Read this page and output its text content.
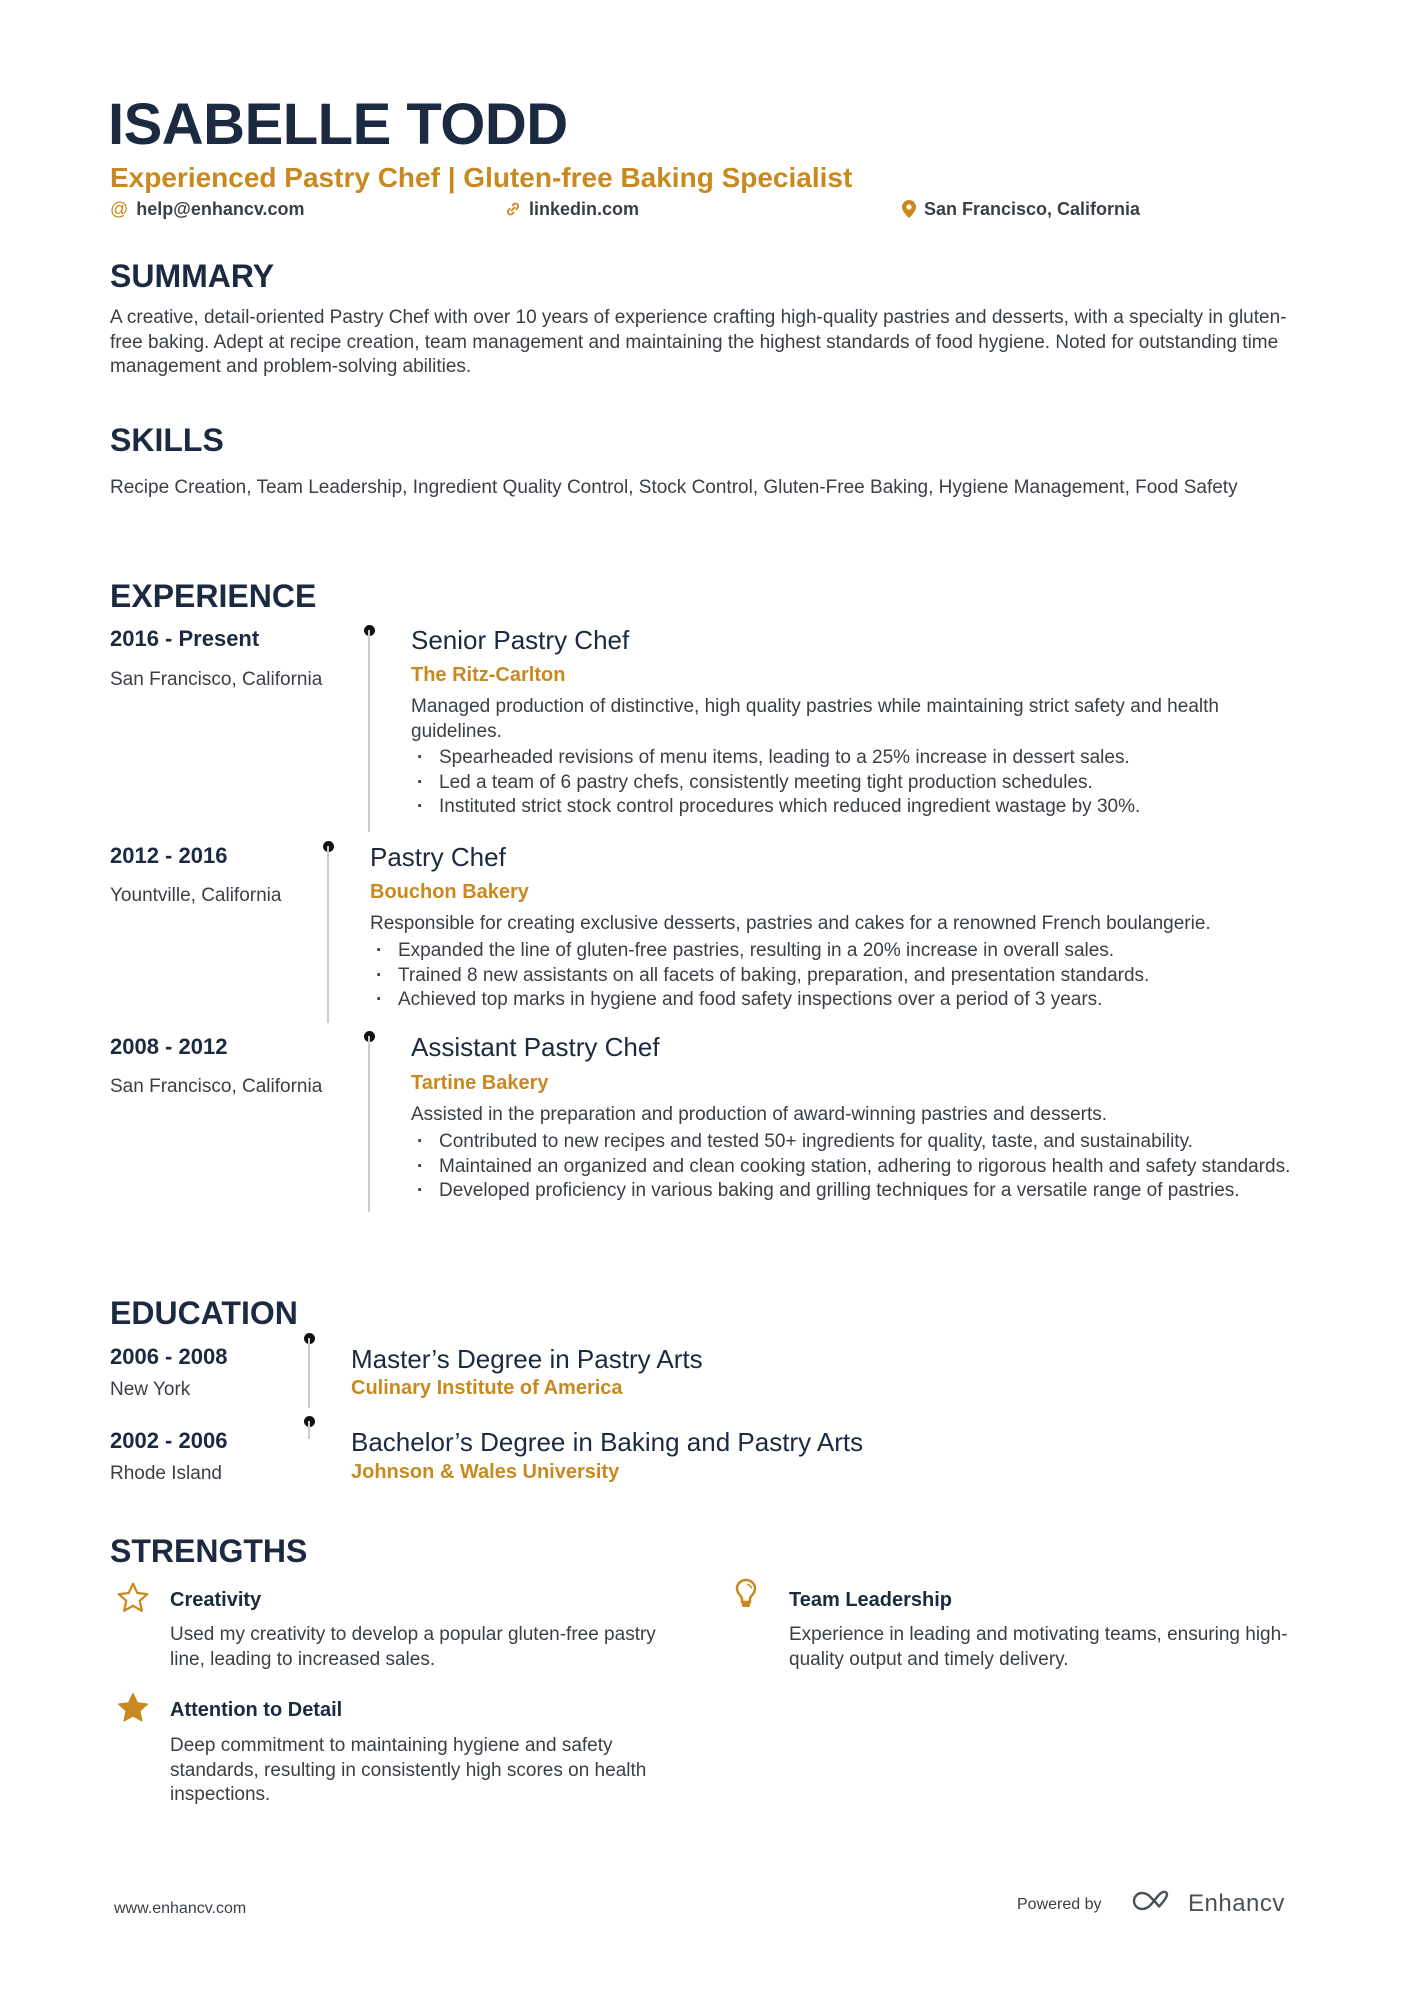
ISABELLE TODD
Experienced Pastry Chef | Gluten-free Baking Specialist
@ help@enhancv.com	linkedin.com	San Francisco, California
SUMMARY
A creative, detail-oriented Pastry Chef with over 10 years of experience crafting high-quality pastries and desserts, with a specialty in gluten-free baking. Adept at recipe creation, team management and maintaining the highest standards of food hygiene. Noted for outstanding time management and problem-solving abilities.
SKILLS
Recipe Creation, Team Leadership, Ingredient Quality Control, Stock Control, Gluten-Free Baking, Hygiene Management, Food Safety
EXPERIENCE
2016 - Present
San Francisco, California
Senior Pastry Chef
The Ritz-Carlton
Managed production of distinctive, high quality pastries while maintaining strict safety and health guidelines.
· Spearheaded revisions of menu items, leading to a 25% increase in dessert sales.
· Led a team of 6 pastry chefs, consistently meeting tight production schedules.
· Instituted strict stock control procedures which reduced ingredient wastage by 30%.
2012 - 2016
Yountville, California
Pastry Chef
Bouchon Bakery
Responsible for creating exclusive desserts, pastries and cakes for a renowned French boulangerie.
· Expanded the line of gluten-free pastries, resulting in a 20% increase in overall sales.
· Trained 8 new assistants on all facets of baking, preparation, and presentation standards.
· Achieved top marks in hygiene and food safety inspections over a period of 3 years.
2008 - 2012
San Francisco, California
Assistant Pastry Chef
Tartine Bakery
Assisted in the preparation and production of award-winning pastries and desserts.
· Contributed to new recipes and tested 50+ ingredients for quality, taste, and sustainability.
· Maintained an organized and clean cooking station, adhering to rigorous health and safety standards.
· Developed proficiency in various baking and grilling techniques for a versatile range of pastries.
EDUCATION
2006 - 2008
New York
Master’s Degree in Pastry Arts
Culinary Institute of America
2002 - 2006
Rhode Island
Bachelor’s Degree in Baking and Pastry Arts
Johnson & Wales University
STRENGTHS
Creativity
Used my creativity to develop a popular gluten-free pastry line, leading to increased sales.
Team Leadership
Experience in leading and motivating teams, ensuring high-quality output and timely delivery.
Attention to Detail
Deep commitment to maintaining hygiene and safety standards, resulting in consistently high scores on health inspections.
www.enhancv.com	Powered by	Enhancv
